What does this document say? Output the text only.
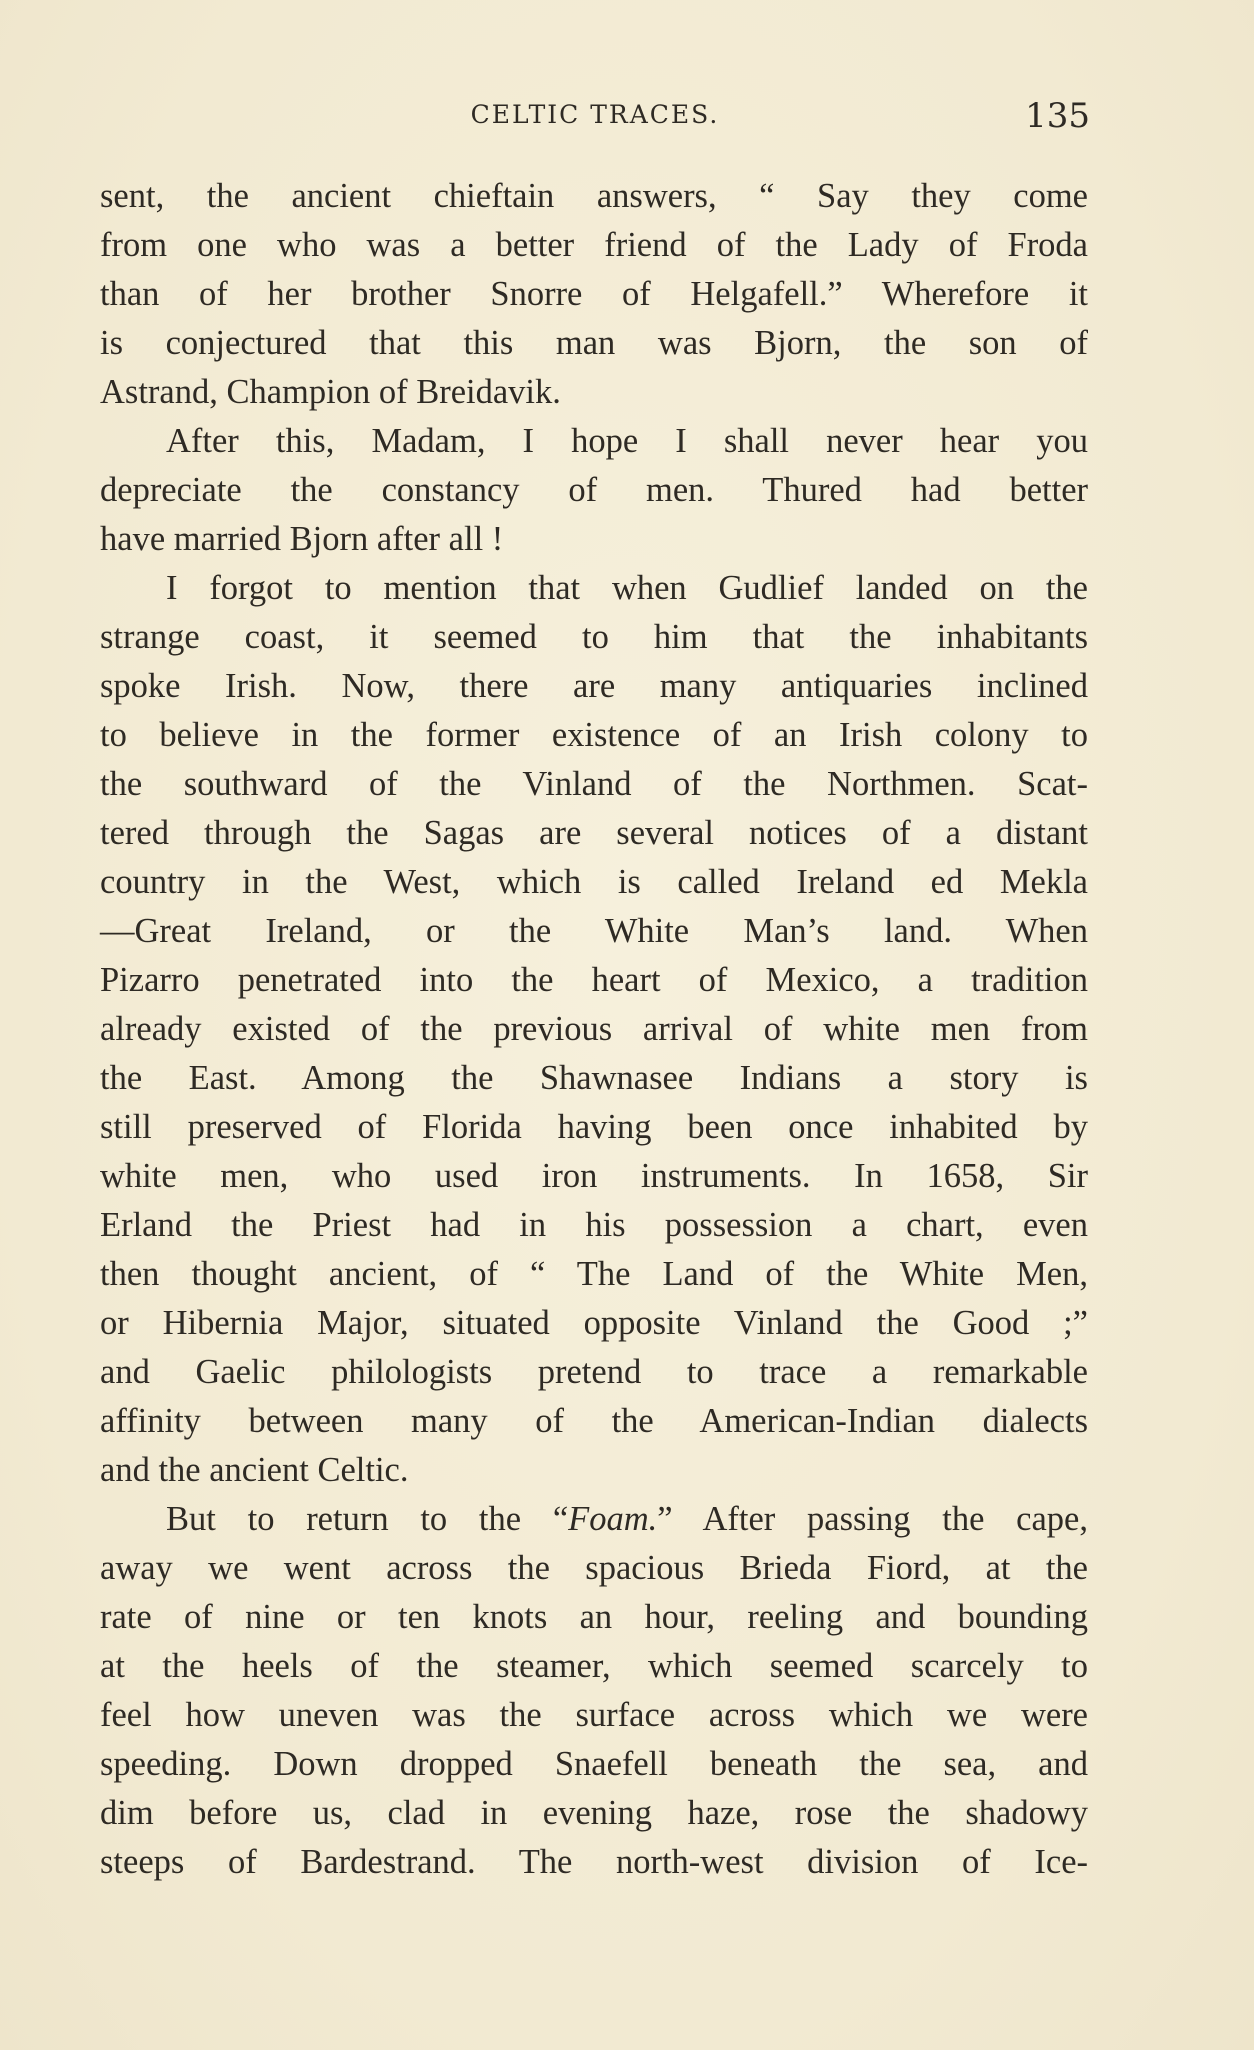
CELTIC TRACES.	135
sent, the ancient chieftain answers, “ Say they come
from one who was a better friend of the Lady of Froda
than of her brother Snorre of Helgafell.” Wherefore it
is conjectured that this man was Bjorn, the son of
Astrand, Champion of Breidavik.
After this, Madam, I hope I shall never hear you
depreciate the constancy of men. Thured had better
have married Bjorn after all !
I forgot to mention that when Gudlief landed on the
strange coast, it seemed to him that the inhabitants
spoke Irish. Now, there are many antiquaries inclined
to believe in the former existence of an Irish colony to
the southward of the Vinland of the Northmen. Scat-
tered through the Sagas are several notices of a distant
country in the West, which is called Ireland ed Mekla
—Great Ireland, or the White Man’s land. When
Pizarro penetrated into the heart of Mexico, a tradition
already existed of the previous arrival of white men from
the East. Among the Shawnasee Indians a story is
still preserved of Florida having been once inhabited by
white men, who used iron instruments. In 1658, Sir
Erland the Priest had in his possession a chart, even
then thought ancient, of “ The Land of the White Men,
or Hibernia Major, situated opposite Vinland the Good ;”
and Gaelic philologists pretend to trace a remarkable
affinity between many of the American-Indian dialects
and the ancient Celtic.
But to return to the “Foam.” After passing the cape,
away we went across the spacious Brieda Fiord, at the
rate of nine or ten knots an hour, reeling and bounding
at the heels of the steamer, which seemed scarcely to
feel how uneven was the surface across which we were
speeding. Down dropped Snaefell beneath the sea, and
dim before us, clad in evening haze, rose the shadowy
steeps of Bardestrand. The north-west division of Ice-
